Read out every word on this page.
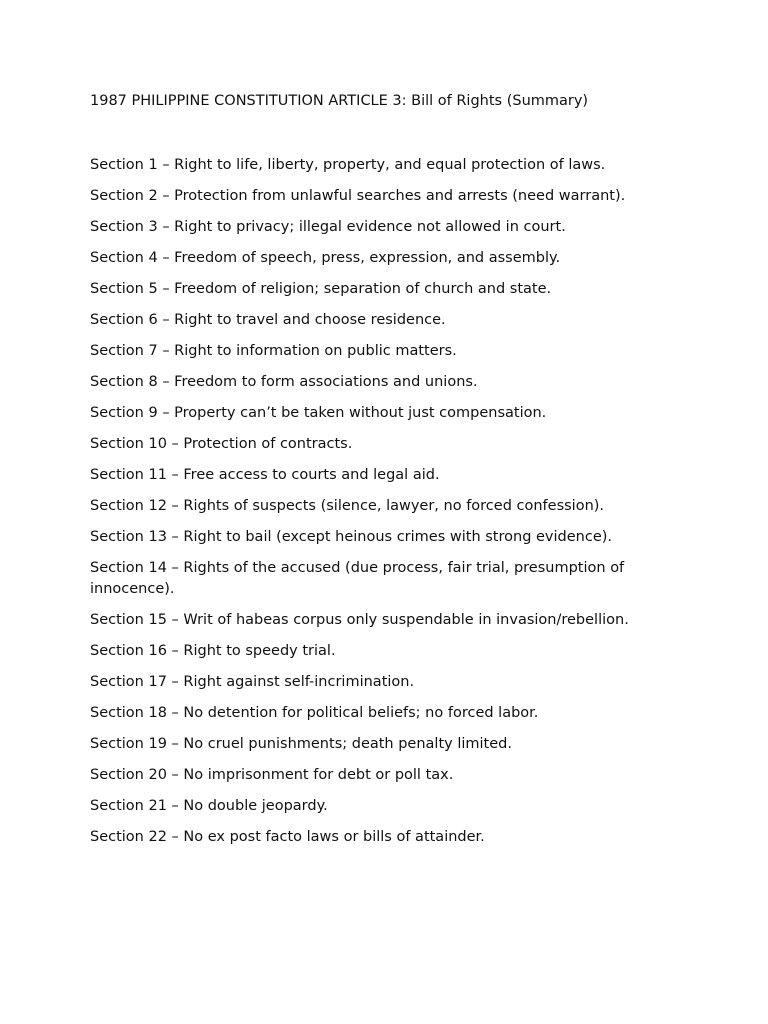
1987 PHILIPPINE CONSTITUTION ARTICLE 3: Bill of Rights (Summary)
Section 1 – Right to life, liberty, property, and equal protection of laws.
Section 2 – Protection from unlawful searches and arrests (need warrant).
Section 3 – Right to privacy; illegal evidence not allowed in court.
Section 4 – Freedom of speech, press, expression, and assembly.
Section 5 – Freedom of religion; separation of church and state.
Section 6 – Right to travel and choose residence.
Section 7 – Right to information on public matters.
Section 8 – Freedom to form associations and unions.
Section 9 – Property can’t be taken without just compensation.
Section 10 – Protection of contracts.
Section 11 – Free access to courts and legal aid.
Section 12 – Rights of suspects (silence, lawyer, no forced confession).
Section 13 – Right to bail (except heinous crimes with strong evidence).
Section 14 – Rights of the accused (due process, fair trial, presumption of innocence).
Section 15 – Writ of habeas corpus only suspendable in invasion/rebellion.
Section 16 – Right to speedy trial.
Section 17 – Right against self-incrimination.
Section 18 – No detention for political beliefs; no forced labor.
Section 19 – No cruel punishments; death penalty limited.
Section 20 – No imprisonment for debt or poll tax.
Section 21 – No double jeopardy.
Section 22 – No ex post facto laws or bills of attainder.
